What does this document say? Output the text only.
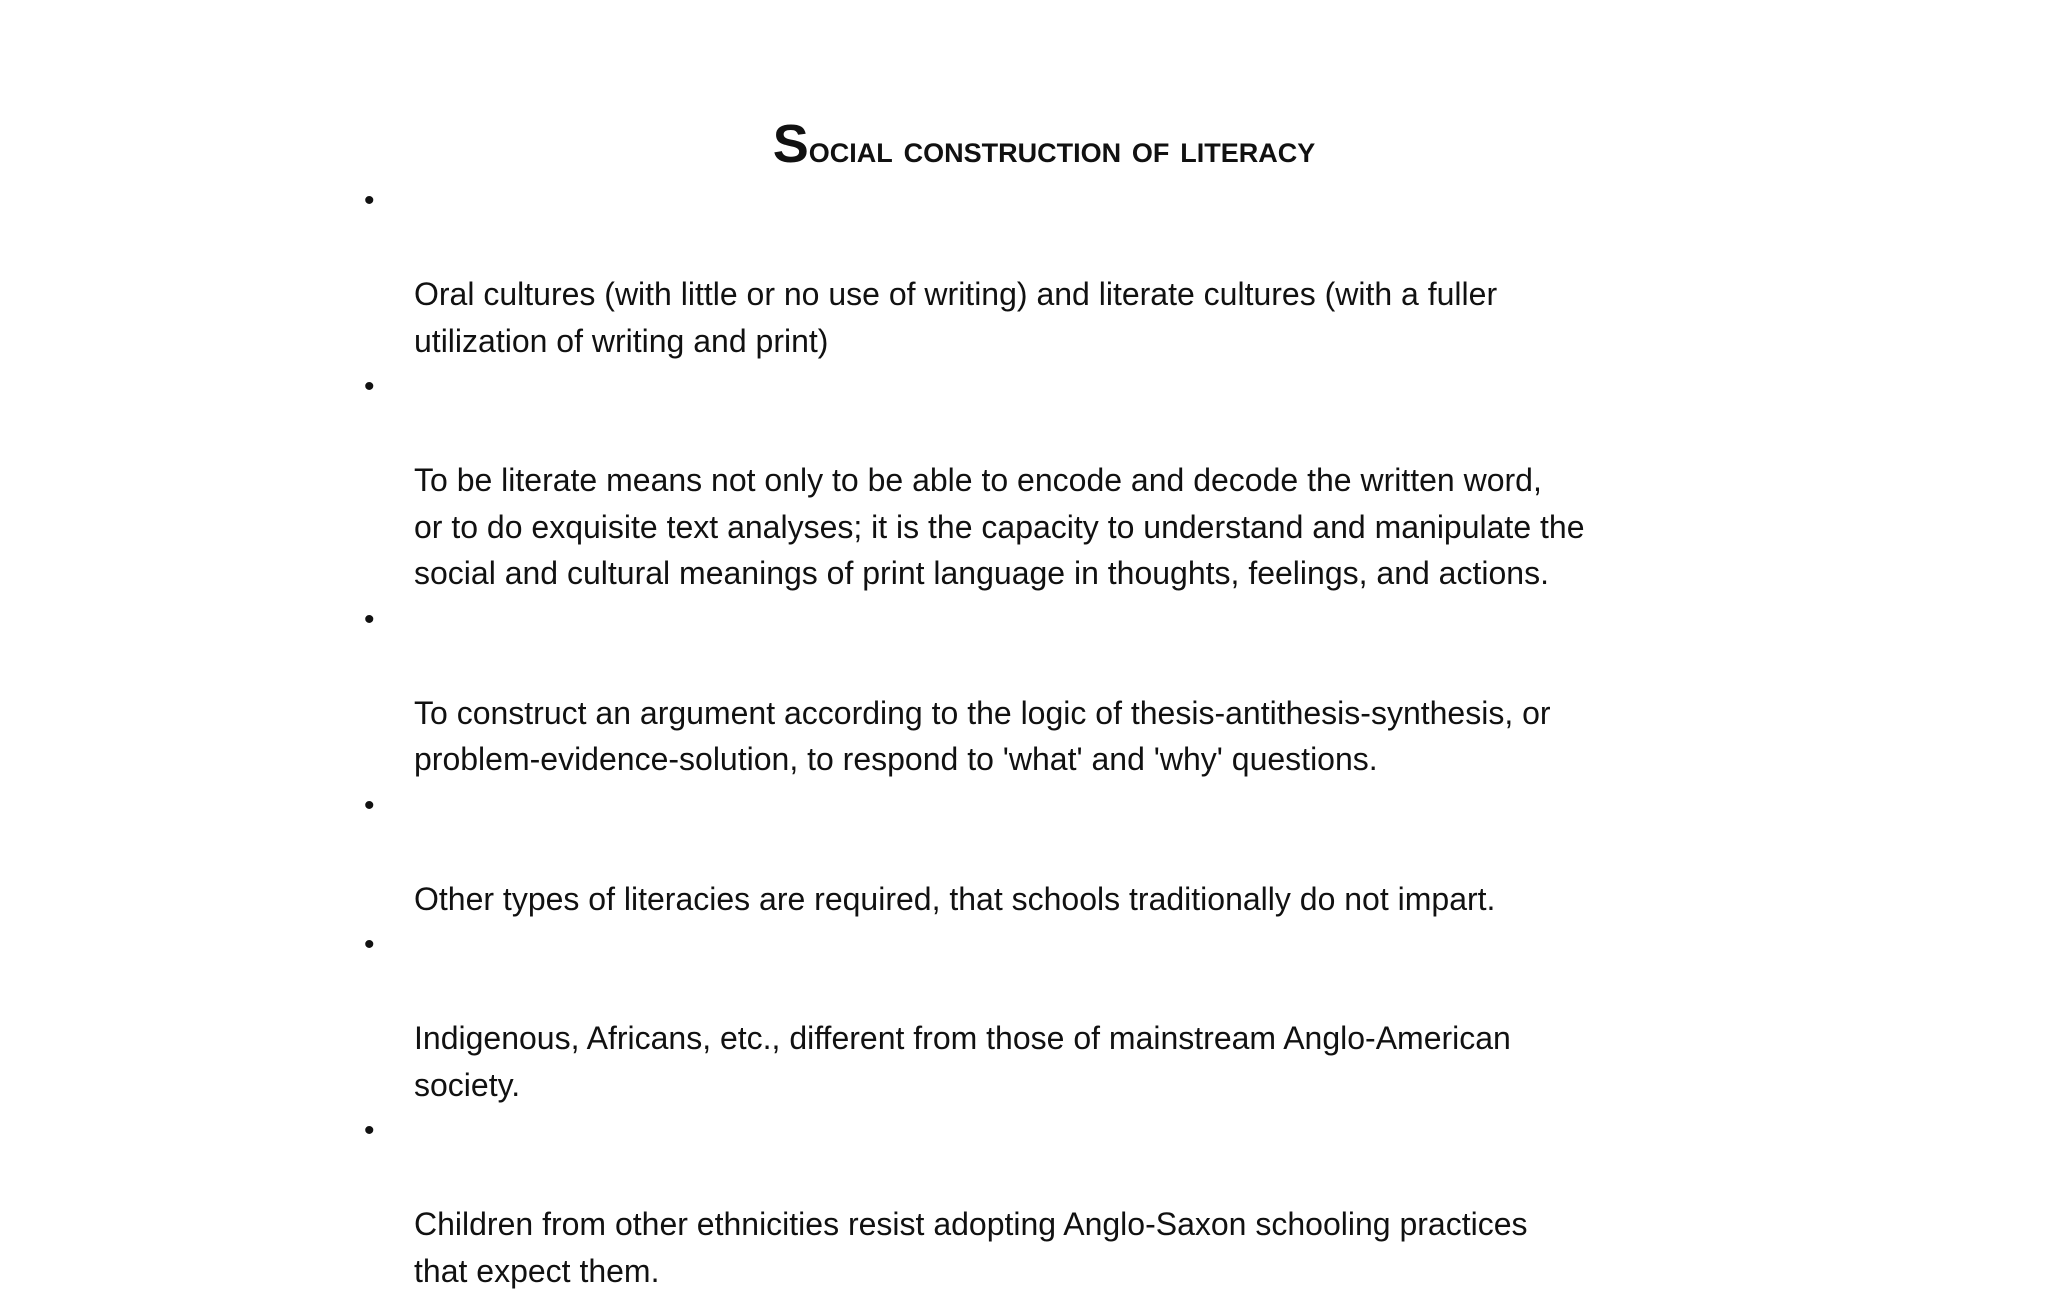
Social construction of literacy

•

Oral cultures (with little or no use of writing) and literate cultures (with a fuller
utilization of writing and print)

•

To be literate means not only to be able to encode and decode the written word,
or to do exquisite text analyses; it is the capacity to understand and manipulate the
social and cultural meanings of print language in thoughts, feelings, and actions.

•

To construct an argument according to the logic of thesis-antithesis-synthesis, or
problem-evidence-solution, to respond to 'what' and 'why' questions.

•

Other types of literacies are required, that schools traditionally do not impart.

•

Indigenous, Africans, etc., different from those of mainstream Anglo-American
society.

•

Children from other ethnicities resist adopting Anglo-Saxon schooling practices
that expect them.
